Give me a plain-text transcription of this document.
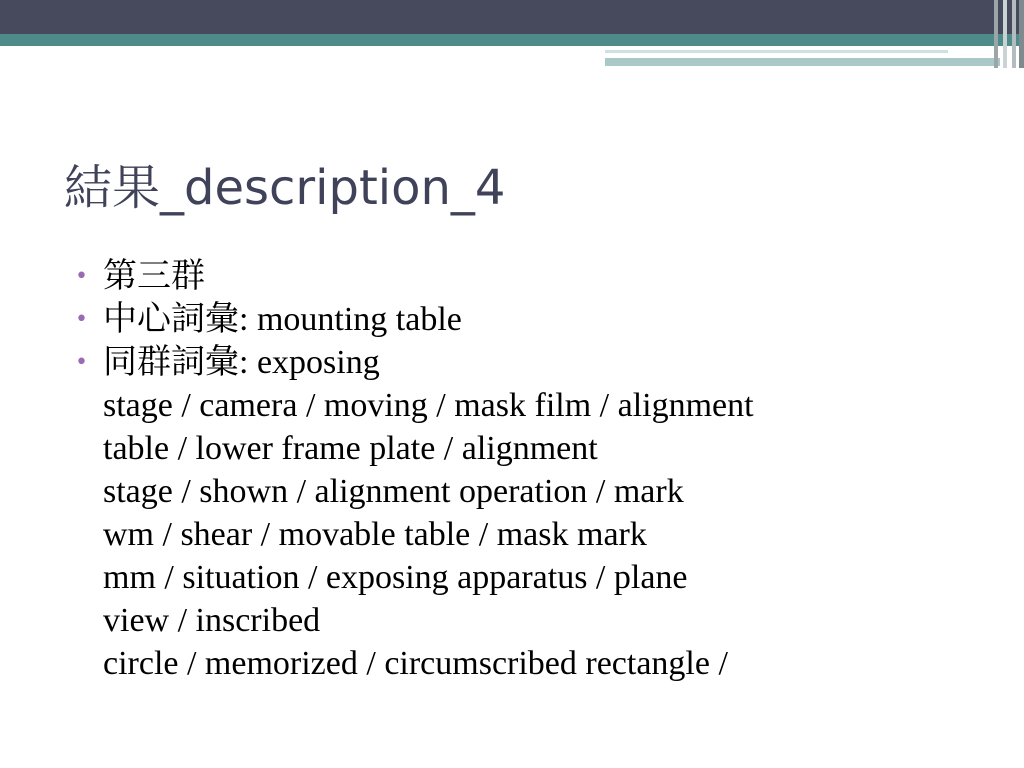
結果_description_4
• 第三群
• 中心詞彙: mounting table
• 同群詞彙: exposing
stage / camera / moving / mask film / alignment
table / lower frame plate / alignment
stage / shown / alignment operation / mark
wm / shear / movable table / mask mark
mm / situation / exposing apparatus / plane
view / inscribed
circle / memorized / circumscribed rectangle /
